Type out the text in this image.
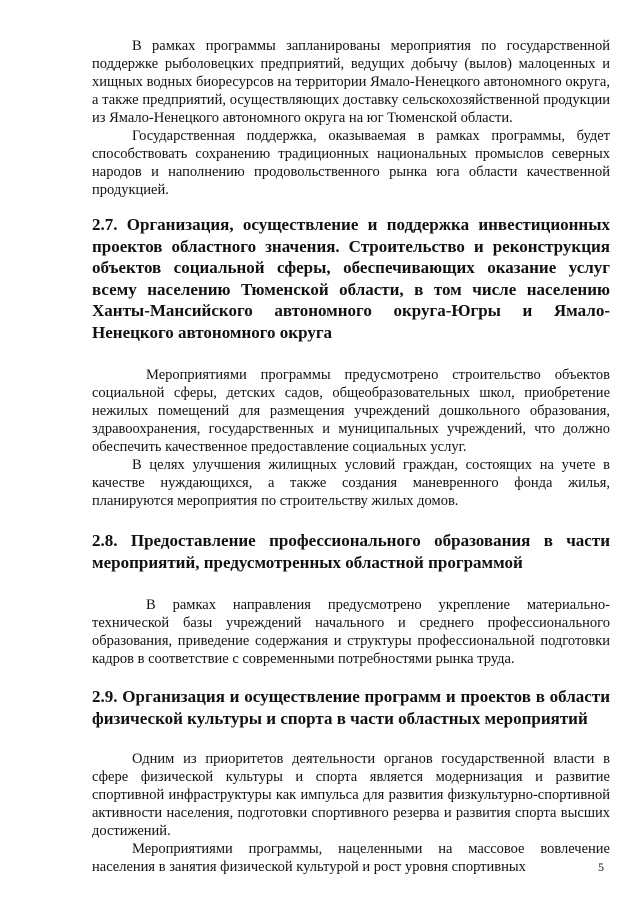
В рамках программы запланированы мероприятия по государственной поддержке рыболовецких предприятий, ведущих добычу (вылов) малоценных и хищных водных биоресурсов на территории Ямало-Ненецкого автономного округа, а также предприятий, осуществляющих доставку сельскохозяйственной продукции из Ямало-Ненецкого автономного округа на юг Тюменской области.

Государственная поддержка, оказываемая в рамках программы, будет способствовать сохранению традиционных национальных промыслов северных народов и наполнению продовольственного рынка юга области качественной продукцией.

2.7. Организация, осуществление и поддержка инвестиционных проектов областного значения. Строительство и реконструкция объектов социальной сферы, обеспечивающих оказание услуг всему населению Тюменской области, в том числе населению Ханты-Мансийского автономного округа-Югры и Ямало-Ненецкого автономного округа

Мероприятиями программы предусмотрено строительство объектов социальной сферы, детских садов, общеобразовательных школ, приобретение нежилых помещений для размещения учреждений дошкольного образования, здравоохранения, государственных и муниципальных учреждений, что должно обеспечить качественное предоставление социальных услуг.

В целях улучшения жилищных условий граждан, состоящих на учете в качестве нуждающихся, а также создания маневренного фонда жилья, планируются мероприятия по строительству жилых домов.

2.8. Предоставление профессионального образования в части мероприятий, предусмотренных областной программой

В рамках направления предусмотрено укрепление материально-технической базы учреждений начального и среднего профессионального образования, приведение содержания и структуры профессиональной подготовки кадров в соответствие с современными потребностями рынка труда.

2.9. Организация и осуществление программ и проектов в области физической культуры и спорта в части областных мероприятий

Одним из приоритетов деятельности органов государственной власти в сфере физической культуры и спорта является модернизация и развитие спортивной инфраструктуры как импульса для развития физкультурно-спортивной активности населения, подготовки спортивного резерва и развития спорта высших достижений.

Мероприятиями программы, нацеленными на массовое вовлечение населения в занятия физической культурой и рост уровня спортивных	5
